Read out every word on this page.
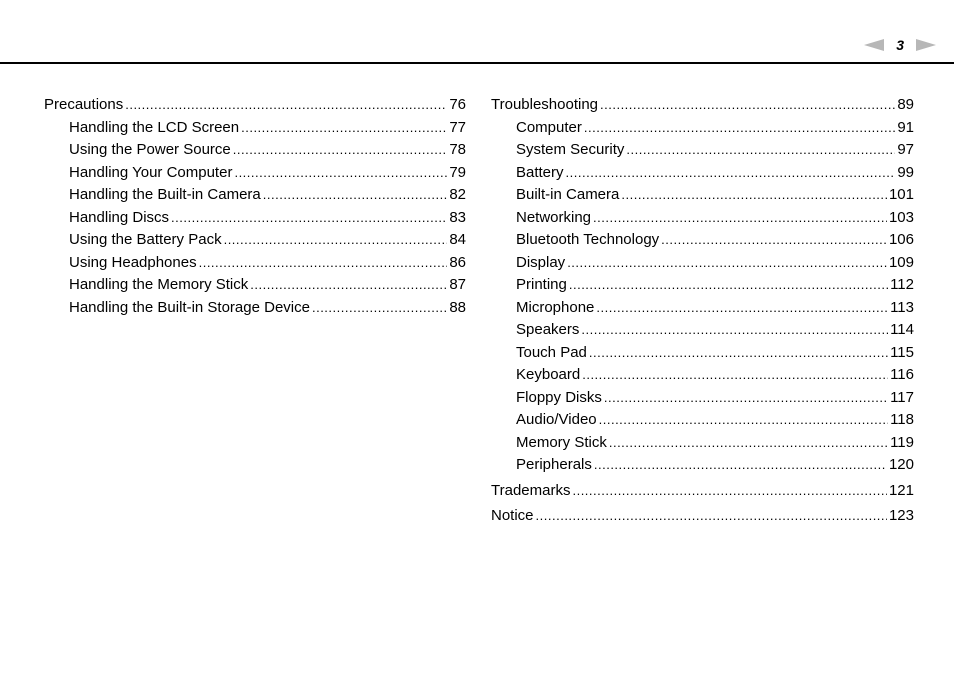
3
Precautions .....	76
Handling the LCD Screen .....	77
Using the Power Source .....	78
Handling Your Computer .....	79
Handling the Built-in Camera .....	82
Handling Discs .....	83
Using the Battery Pack .....	84
Using Headphones .....	86
Handling the Memory Stick .....	87
Handling the Built-in Storage Device .....	88
Troubleshooting .....	89
Computer .....	91
System Security .....	97
Battery .....	99
Built-in Camera .....	101
Networking .....	103
Bluetooth Technology .....	106
Display .....	109
Printing .....	112
Microphone .....	113
Speakers .....	114
Touch Pad .....	115
Keyboard .....	116
Floppy Disks .....	117
Audio/Video .....	118
Memory Stick .....	119
Peripherals .....	120
Trademarks .....	121
Notice .....	123
